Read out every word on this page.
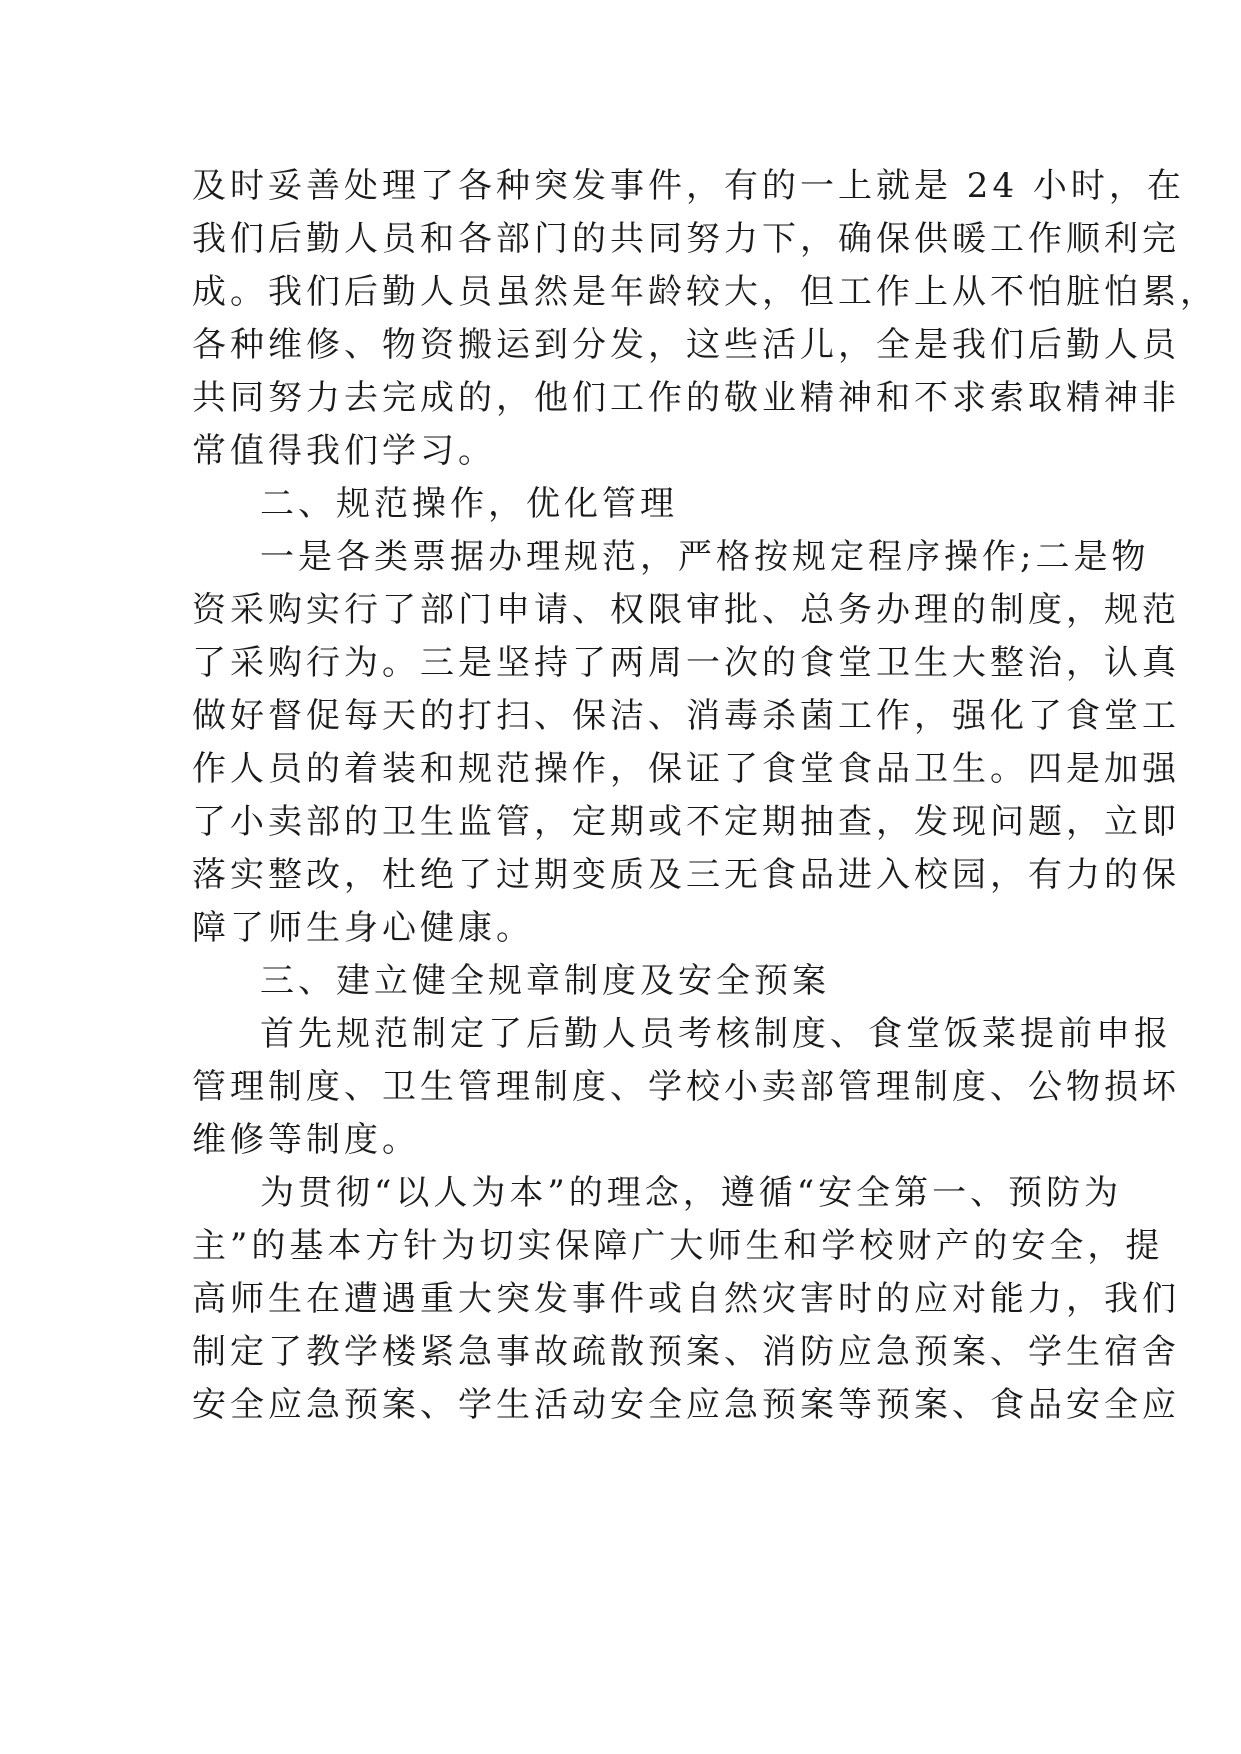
及时妥善处理了各种突发事件，有的一上就是 24 小时，在
我们后勤人员和各部门的共同努力下，确保供暖工作顺利完
成。我们后勤人员虽然是年龄较大，但工作上从不怕脏怕累，
各种维修、物资搬运到分发，这些活儿，全是我们后勤人员
共同努力去完成的，他们工作的敬业精神和不求索取精神非
常值得我们学习。
二、规范操作，优化管理
一是各类票据办理规范，严格按规定程序操作;二是物
资采购实行了部门申请、权限审批、总务办理的制度，规范
了采购行为。三是坚持了两周一次的食堂卫生大整治，认真
做好督促每天的打扫、保洁、消毒杀菌工作，强化了食堂工
作人员的着装和规范操作，保证了食堂食品卫生。四是加强
了小卖部的卫生监管，定期或不定期抽查，发现问题，立即
落实整改，杜绝了过期变质及三无食品进入校园，有力的保
障了师生身心健康。
三、建立健全规章制度及安全预案
首先规范制定了后勤人员考核制度、食堂饭菜提前申报
管理制度、卫生管理制度、学校小卖部管理制度、公物损坏
维修等制度。
为贯彻“以人为本”的理念，遵循“安全第一、预防为
主”的基本方针为切实保障广大师生和学校财产的安全，提
高师生在遭遇重大突发事件或自然灾害时的应对能力，我们
制定了教学楼紧急事故疏散预案、消防应急预案、学生宿舍
安全应急预案、学生活动安全应急预案等预案、食品安全应
